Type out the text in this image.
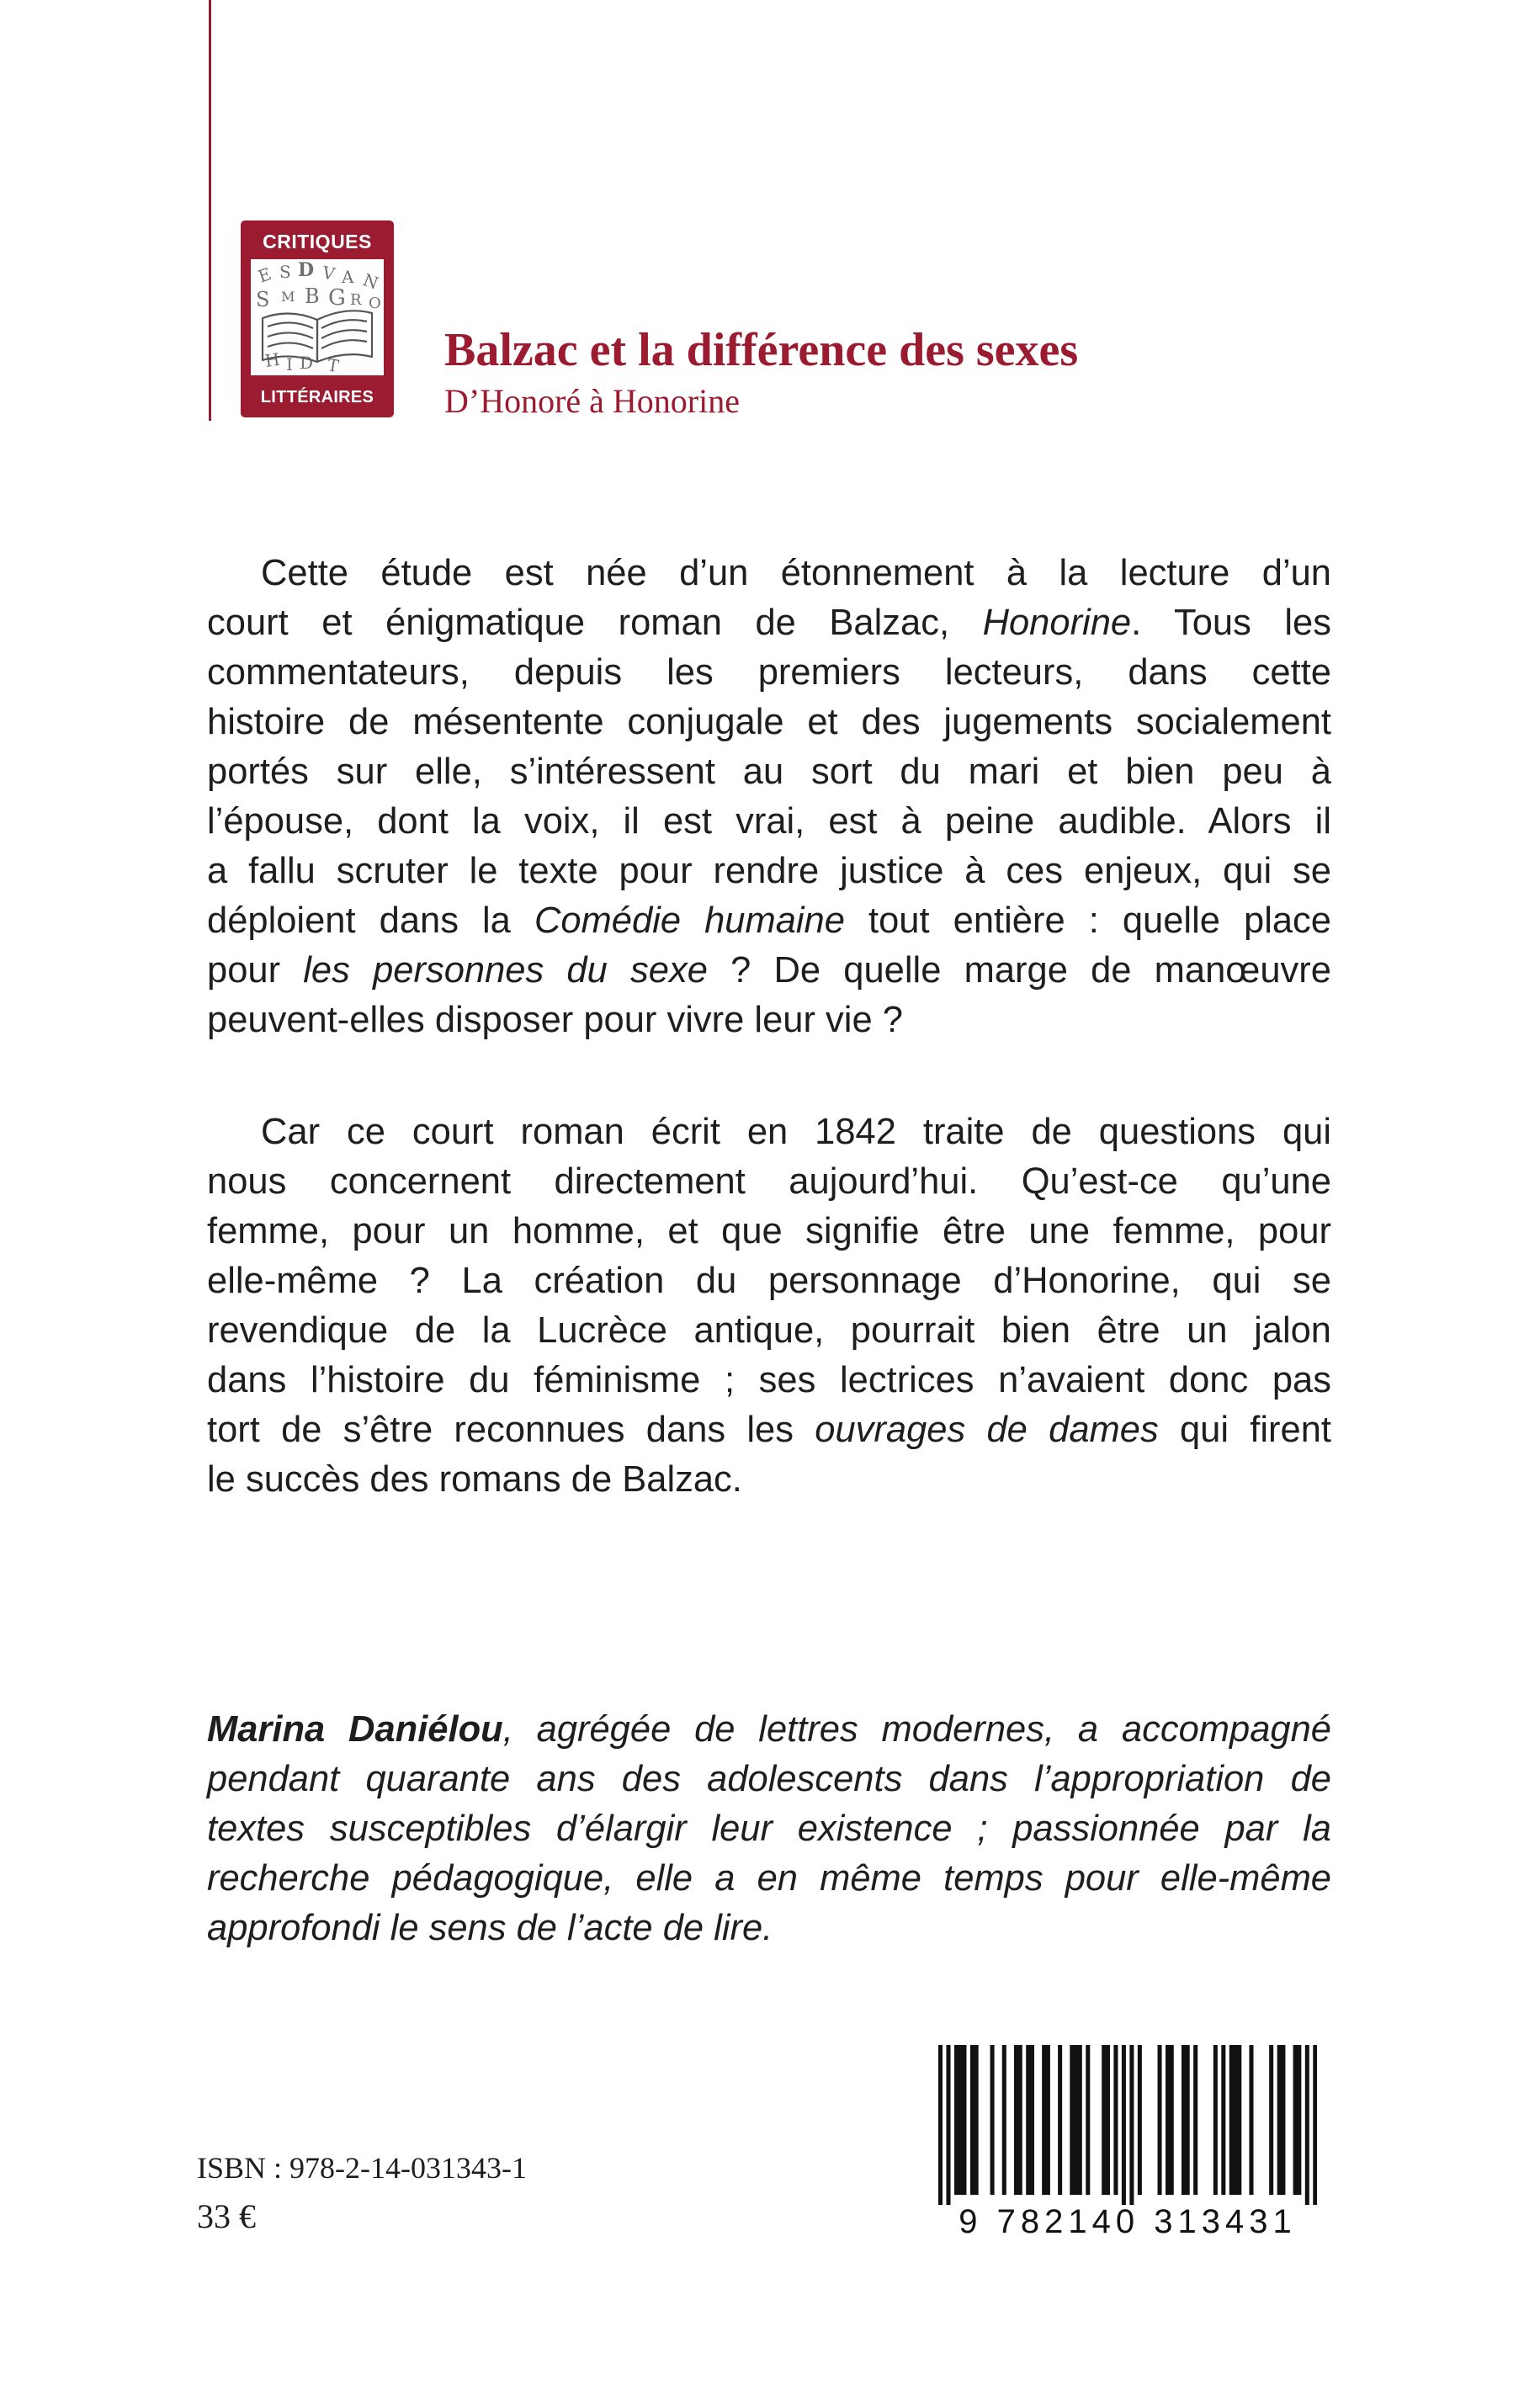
CRITIQUES
E S D V A N
S M B G R O
H I D T
LITTÉRAIRES
Balzac et la différence des sexes
D’Honoré à Honorine
Cette étude est née d’un étonnement à la lecture d’un
court et énigmatique roman de Balzac, Honorine. Tous les
commentateurs, depuis les premiers lecteurs, dans cette
histoire de mésentente conjugale et des jugements socialement
portés sur elle, s’intéressent au sort du mari et bien peu à
l’épouse, dont la voix, il est vrai, est à peine audible. Alors il
a fallu scruter le texte pour rendre justice à ces enjeux, qui se
déploient dans la Comédie humaine tout entière : quelle place
pour les personnes du sexe ? De quelle marge de manœuvre
peuvent-elles disposer pour vivre leur vie ?
Car ce court roman écrit en 1842 traite de questions qui
nous concernent directement aujourd’hui. Qu’est-ce qu’une
femme, pour un homme, et que signifie être une femme, pour
elle-même ? La création du personnage d’Honorine, qui se
revendique de la Lucrèce antique, pourrait bien être un jalon
dans l’histoire du féminisme ; ses lectrices n’avaient donc pas
tort de s’être reconnues dans les ouvrages de dames qui firent
le succès des romans de Balzac.
Marina Daniélou, agrégée de lettres modernes, a accompagné
pendant quarante ans des adolescents dans l’appropriation de
textes susceptibles d’élargir leur existence ; passionnée par la
recherche pédagogique, elle a en même temps pour elle-même
approfondi le sens de l’acte de lire.
ISBN : 978-2-14-031343-1
33 €	9 782140 313431
